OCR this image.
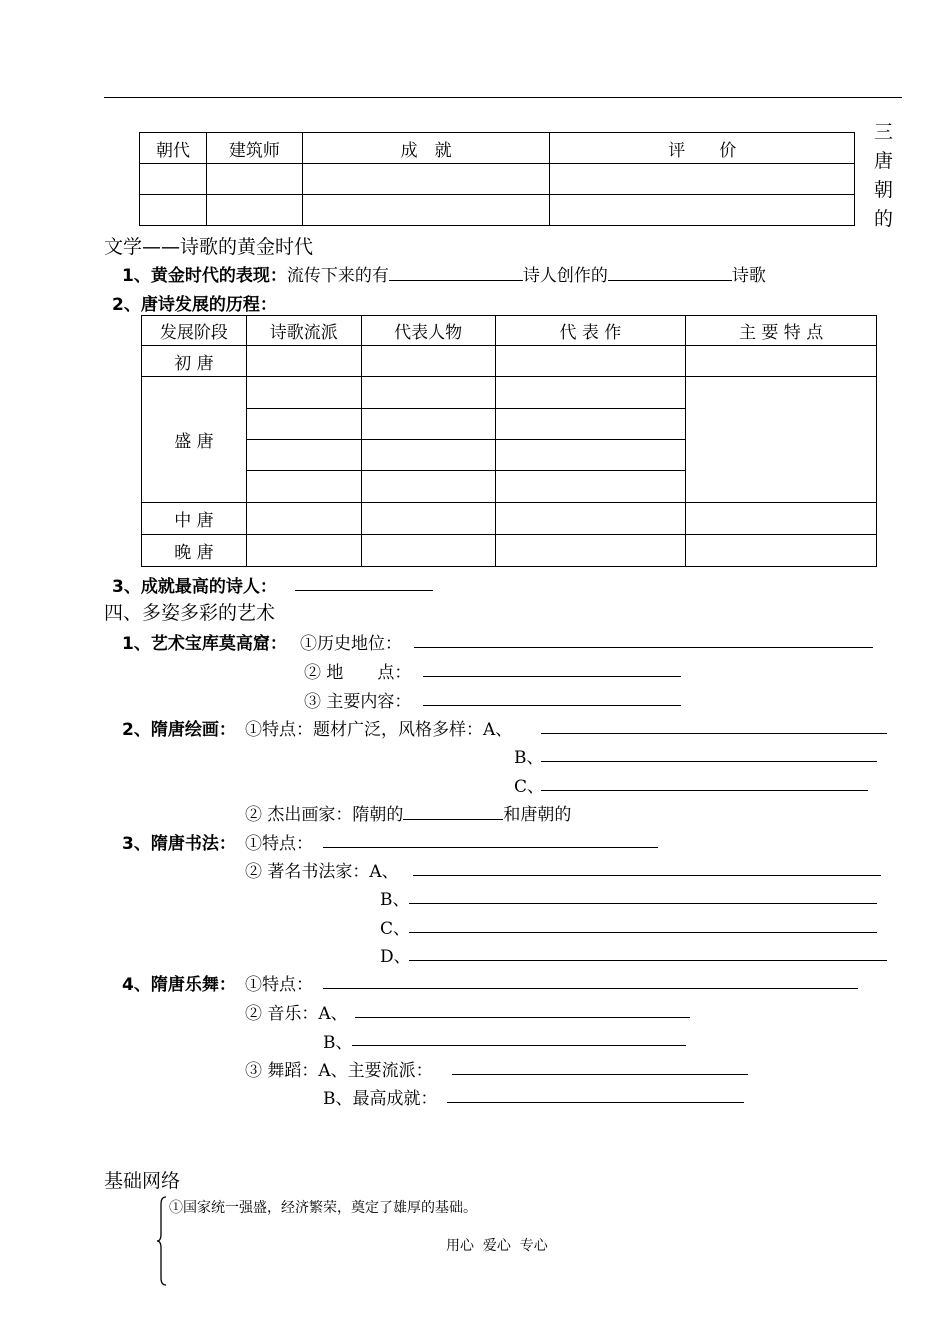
朝代	建筑师	成　就	评　　价

三
唐
朝
的
文学——诗歌的黄金时代
1、黄金时代的表现：流传下来的有	诗人创作的	诗歌
2、唐诗发展的历程：
发展阶段	诗歌流派	代表人物	代 表 作	主 要 特 点
初 唐				
盛 唐				

中 唐				
晚 唐				
3、成就最高的诗人：
四、多姿多彩的艺术
1、艺术宝库莫高窟： ①历史地位：
② 地　　点：
③ 主要内容：
2、隋唐绘画： ①特点：题材广泛，风格多样：A、
B、
C、
② 杰出画家：隋朝的	和唐朝的
3、隋唐书法： ①特点：
② 著名书法家：A、
B、
C、
D、
4、隋唐乐舞： ①特点：
② 音乐：A、
B、
③ 舞蹈：A、主要流派：
B、最高成就：
基础网络
①国家统一强盛，经济繁荣，奠定了雄厚的基础。
用心  爱心  专心
